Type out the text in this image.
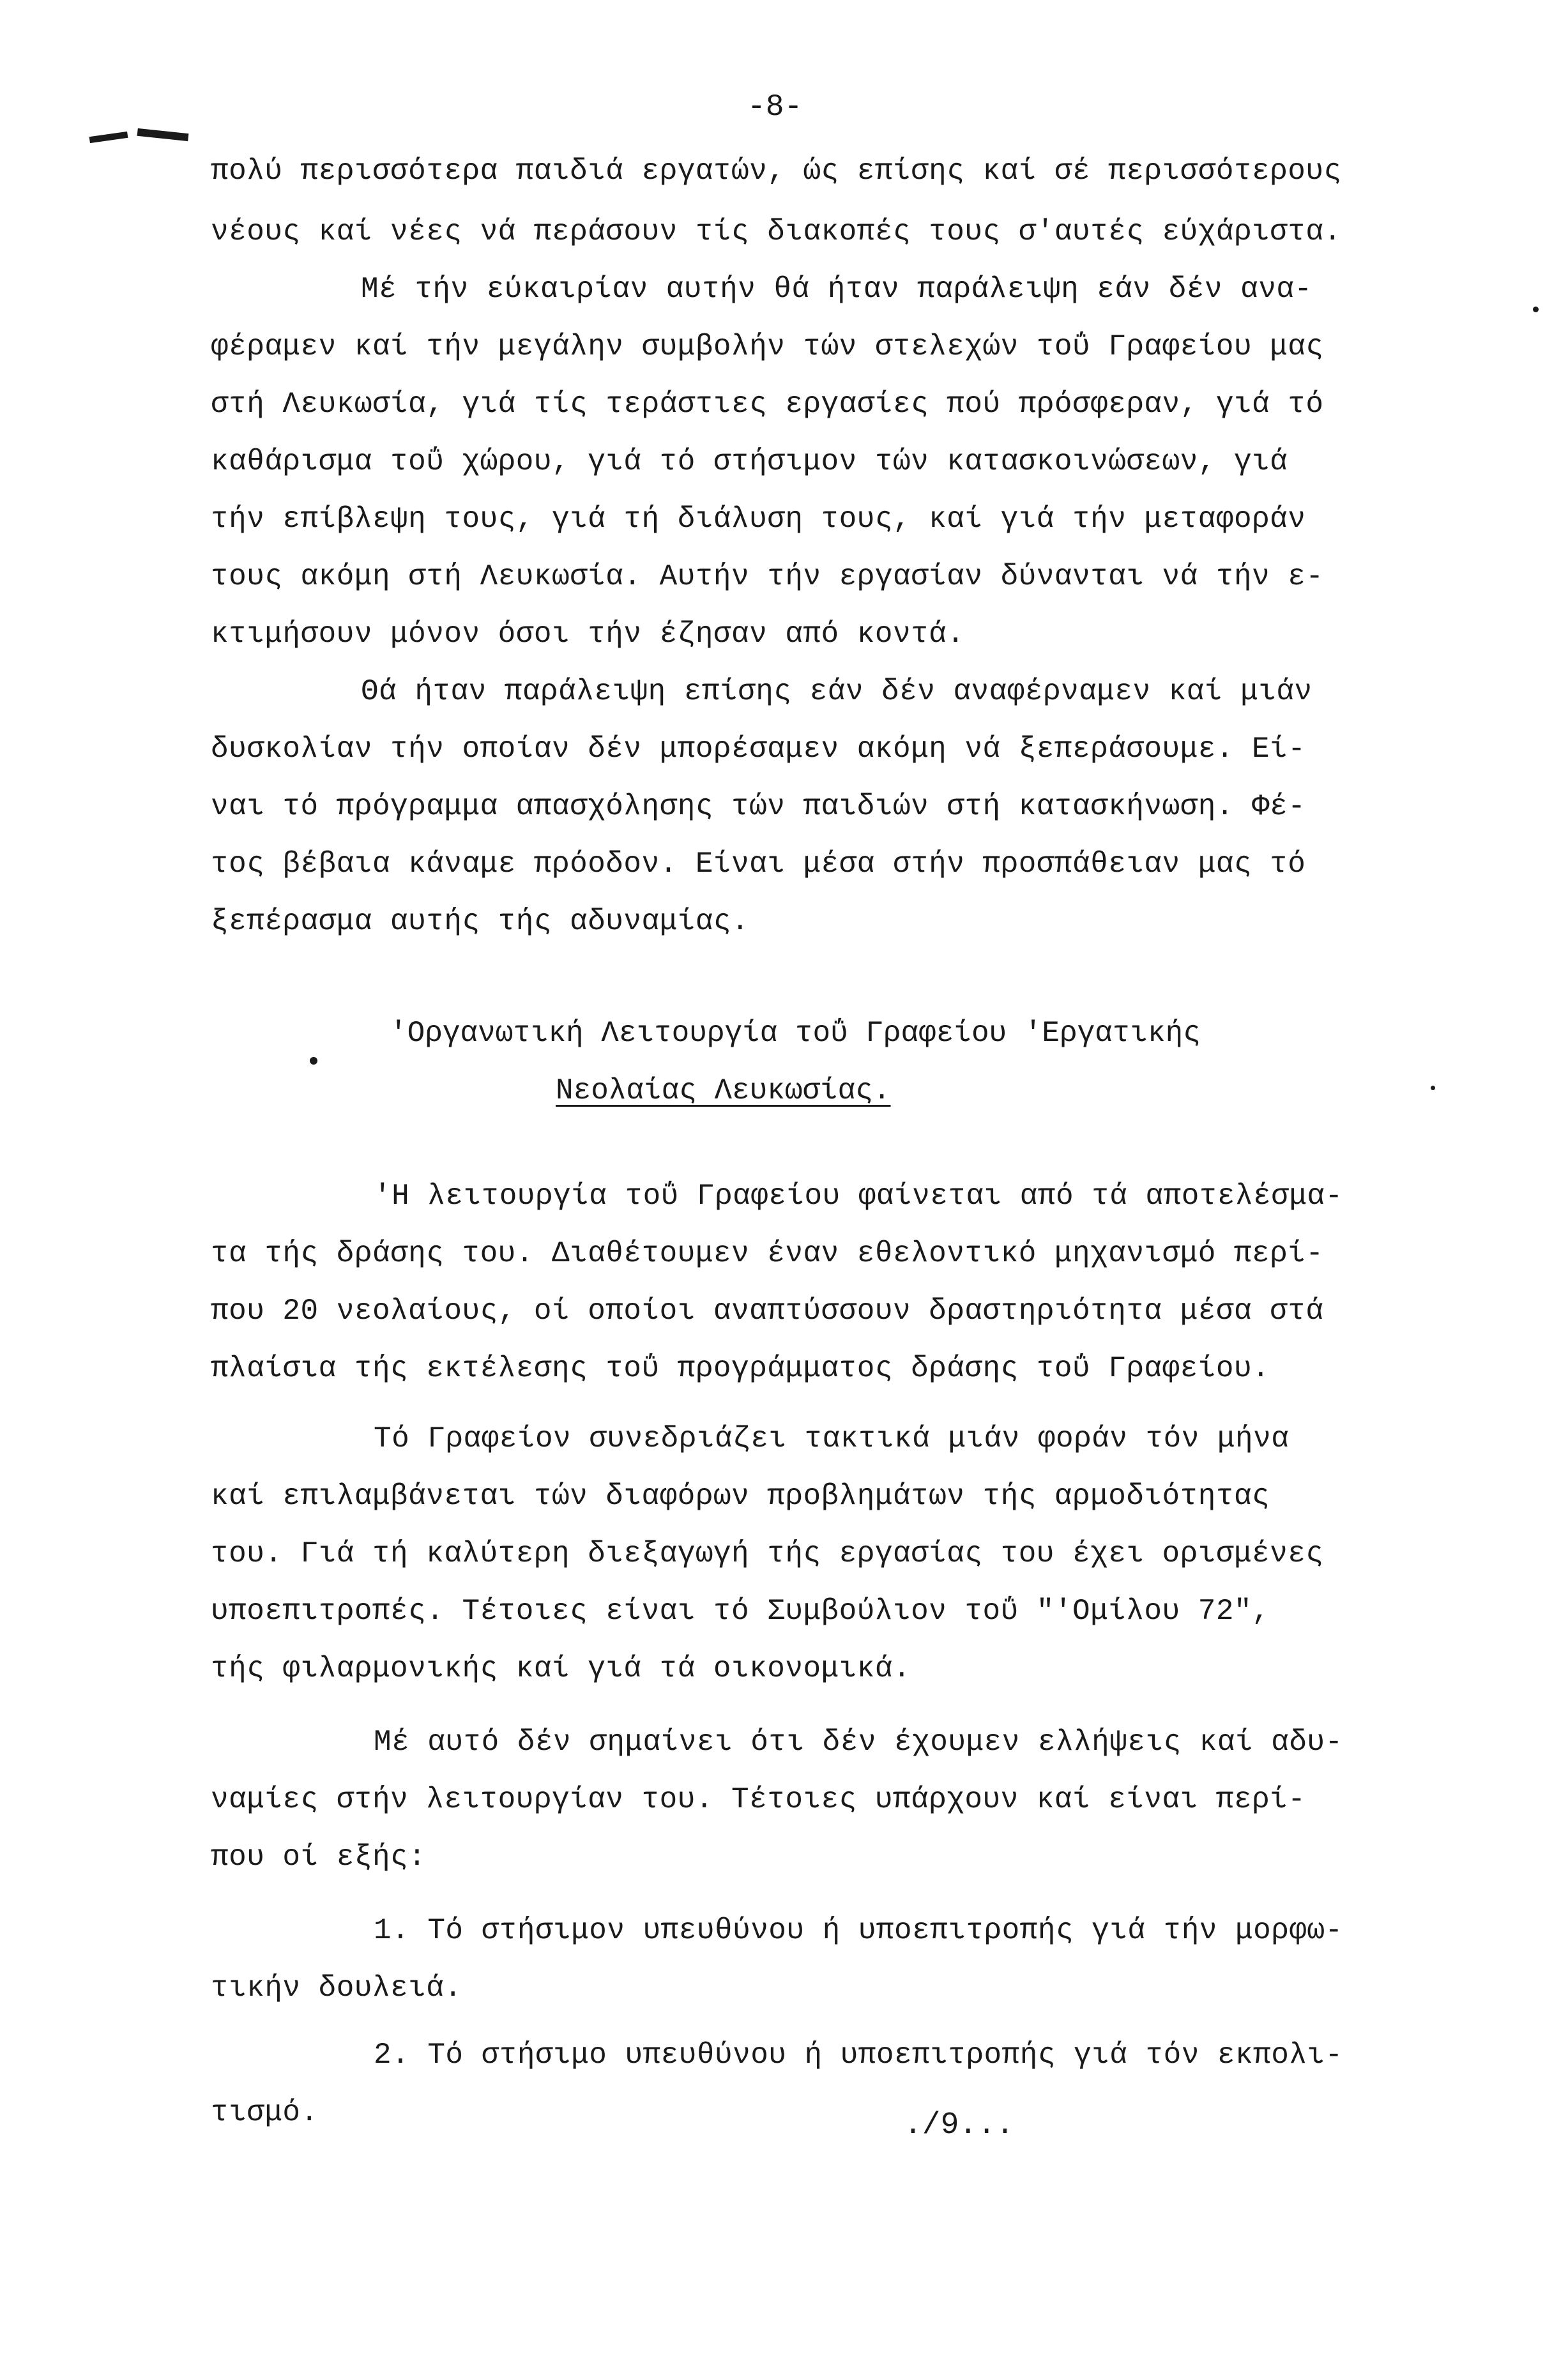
-8-
πολύ περισσότερα παιδιά εργατών, ώς επίσης καί σέ περισσότερους
νέους καί νέες νά περάσουν τίς διακοπές τους σ'αυτές εύχάριστα.
Μέ τήν εύκαιρίαν αυτήν θά ήταν παράλειψη εάν δέν ανα-
φέραμεν καί τήν μεγάλην συμβολήν τών στελεχών τοΰ Γραφείου μας
στή Λευκωσία, γιά τίς τεράστιες εργασίες πού πρόσφεραν, γιά τό
καθάρισμα τοΰ χώρου, γιά τό στήσιμον τών κατασκοινώσεων, γιά
τήν επίβλεψη τους, γιά τή διάλυση τους, καί γιά τήν μεταφοράν
τους ακόμη στή Λευκωσία. Αυτήν τήν εργασίαν δύνανται νά τήν ε-
κτιμήσουν μόνον όσοι τήν έζησαν από κοντά.
Θά ήταν παράλειψη επίσης εάν δέν αναφέρναμεν καί μιάν
δυσκολίαν τήν οποίαν δέν μπορέσαμεν ακόμη νά ξεπεράσουμε. Εί-
ναι τό πρόγραμμα απασχόλησης τών παιδιών στή κατασκήνωση. Φέ-
τος βέβαια κάναμε πρόοδον. Είναι μέσα στήν προσπάθειαν μας τό
ξεπέρασμα αυτής τής αδυναμίας.
'Οργανωτική Λειτουργία τοΰ Γραφείου 'Εργατικής
Νεολαίας Λευκωσίας.
'Η λειτουργία τοΰ Γραφείου φαίνεται από τά αποτελέσμα-
τα τής δράσης του. Διαθέτουμεν έναν εθελοντικό μηχανισμό περί-
που 20 νεολαίους, οί οποίοι αναπτύσσουν δραστηριότητα μέσα στά
πλαίσια τής εκτέλεσης τοΰ προγράμματος δράσης τοΰ Γραφείου.
Τό Γραφείον συνεδριάζει τακτικά μιάν φοράν τόν μήνα
καί επιλαμβάνεται τών διαφόρων προβλημάτων τής αρμοδιότητας
του. Γιά τή καλύτερη διεξαγωγή τής εργασίας του έχει ορισμένες
υποεπιτροπές. Τέτοιες είναι τό Συμβούλιον τοΰ "'Ομίλου 72",
τής φιλαρμονικής καί γιά τά οικονομικά.
Μέ αυτό δέν σημαίνει ότι δέν έχουμεν ελλήψεις καί αδυ-
ναμίες στήν λειτουργίαν του. Τέτοιες υπάρχουν καί είναι περί-
που οί εξής:
1. Τό στήσιμον υπευθύνου ή υποεπιτροπής γιά τήν μορφω-
τικήν δουλειά.
2. Τό στήσιμο υπευθύνου ή υποεπιτροπής γιά τόν εκπολι-
τισμό.	./9...
